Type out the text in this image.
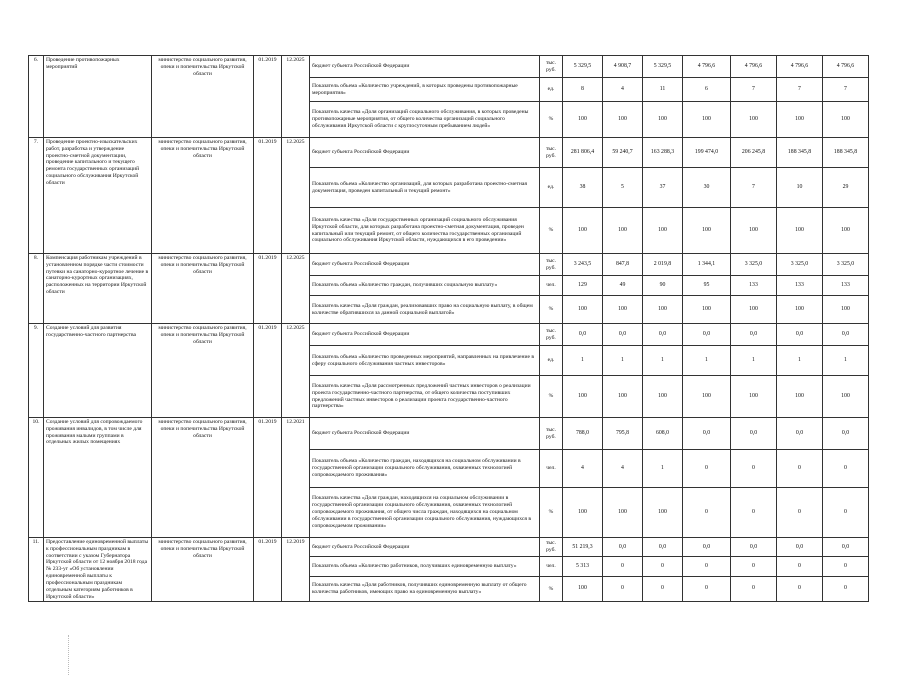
6.	Проведение противопожарных мероприятий	министерство социального развития, опеки и попечительства Иркутской области	01.2019	12.2025	бюджет субъекта Российской Федерации	тыс. руб.	5 329,5	4 908,7	5 329,5	4 796,6	4 796,6	4 796,6	4 796,6
					Показатель объема «Количество учреждений, в которых проведены противопожарные мероприятия»	ед.	8	4	11	6	7	7	7
					Показатель качества «Доля организаций социального обслуживания, в которых проведены противопожарные мероприятия, от общего количества организаций социального обслуживания Иркутской области с круглосуточным пребыванием людей»	%	100	100	100	100	100	100	100
7.	Проведение проектно-изыскательских работ, разработка и утверждение проектно-сметной документации, проведение капитального и текущего ремонта государственных организаций социального обслуживания Иркутской области	министерство социального развития, опеки и попечительства Иркутской области	01.2019	12.2025	бюджет субъекта Российской Федерации	тыс. руб.	281 806,4	59 240,7	163 288,3	199 474,0	206 245,8	188 345,8	188 345,8
					Показатель объема «Количество организаций, для которых разработана проектно-сметная документация, проведен капитальный и текущий ремонт»	ед.	38	5	37	30	7	10	29
					Показатель качества «Доля государственных организаций социального обслуживания Иркутской области, для которых разработана проектно-сметная документация, проведен капитальный или текущий ремонт, от общего количества государственных организаций социального обслуживания Иркутской области, нуждающихся в его проведении»	%	100	100	100	100	100	100	100
8.	Компенсация работникам учреждений в установленном порядке части стоимости путевки на санаторно-курортное лечение в санаторно-курортных организациях, расположенных на территории Иркутской области	министерство социального развития, опеки и попечительства Иркутской области	01.2019	12.2025	бюджет субъекта Российской Федерации	тыс. руб.	3 243,5	847,8	2 019,8	1 344,1	3 325,0	3 325,0	3 325,0
					Показатель объема «Количество граждан, получивших социальную выплату»	чел.	129	49	90	95	133	133	133
					Показатель качества «Доля граждан, реализовавших право на социальную выплату, в общем количестве обратившихся за данной социальной выплатой»	%	100	100	100	100	100	100	100
9.	Создание условий для развития государственно-частного партнерства	министерство социального развития, опеки и попечительства Иркутской области	01.2019	12.2025	бюджет субъекта Российской Федерации	тыс. руб.	0,0	0,0	0,0	0,0	0,0	0,0	0,0
					Показатель объема «Количество проведенных мероприятий, направленных на привлечение в сферу социального обслуживания частных инвесторов»	ед.	1	1	1	1	1	1	1
					Показатель качества «Доля рассмотренных предложений частных инвесторов о реализации проекта государственно-частного партнерства, от общего количества поступивших предложений частных инвесторов о реализации проекта государственно-частного партнерства»	%	100	100	100	100	100	100	100
10.	Создание условий для сопровождаемого проживания инвалидов, в том числе для проживания малыми группами в отдельных жилых помещениях	министерство социального развития, опеки и попечительства Иркутской области	01.2019	12.2021	бюджет субъекта Российской Федерации	тыс. руб.	788,0	795,8	608,0	0,0	0,0	0,0	0,0
					Показатель объема «Количество граждан, находящихся на социальном обслуживании в государственной организации социального обслуживания, охваченных технологией сопровождаемого проживания»	чел.	4	4	1	0	0	0	0
					Показатель качества «Доля граждан, находящихся на социальном обслуживании в государственной организации социального обслуживания, охваченных технологией сопровождаемого проживания, от общего числа граждан, находящихся на социальном обслуживании в государственной организации социального обслуживания, нуждающихся в сопровождаемом проживании»	%	100	100	100	0	0	0	0
11.	Предоставление единовременной выплаты к профессиональным праздникам в соответствии с указом Губернатора Иркутской области от 12 ноября 2018 года № 233-уг «Об установлении единовременной выплаты к профессиональным праздникам отдельным категориям работников в Иркутской области»	министерство социального развития, опеки и попечительства Иркутской области	01.2019	12.2019	бюджет субъекта Российской Федерации	тыс. руб.	51 219,3	0,0	0,0	0,0	0,0	0,0	0,0
					Показатель объема «Количество работников, получивших единовременную выплату»	чел.	5 313	0	0	0	0	0	0
					Показатель качества «Доля работников, получивших единовременную выплату от общего количества работников, имеющих право на единовременную выплату»	%	100	0	0	0	0	0	0
